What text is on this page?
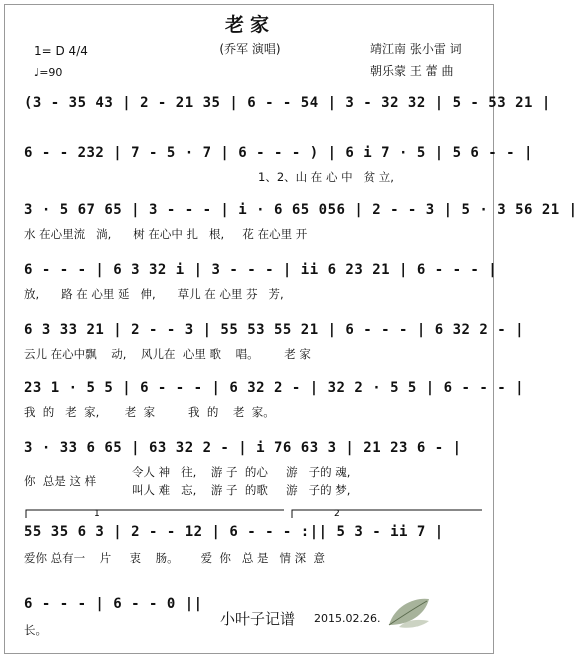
老家
(乔军 演唱)	靖江南 张小雷 词
朝乐蒙 王 蕾 曲
1= D 4/4
♩=90
(3 - 35 43 | 2 - 21 35 | 6 - - 54 | 3 - 32 32 | 5 - 53 21 |
6 - - 232 | 7 - 5 · 7 | 6 - - - ) | 6 i 7 · 5 | 5 6 - - |
1、2、山 在 心 中   贫 立,
3 · 5 67 65 | 3 - - - | i · 6 65 056 | 2 - - 3 | 5 · 3 56 21 |
水 在心里流   淌,      树 在心中 扎   根,     花 在心里 开
6 - - - | 6 3 32 i | 3 - - - | ii 6 23 21 | 6 - - - |
放,      路 在 心里 延   伸,      草儿 在 心里 芬   芳,
6 3 33 21 | 2 - - 3 | 55 53 55 21 | 6 - - - | 6 32 2 - |
云儿 在心中飘    动,    风儿在  心里 歌    唱。       老 家
23 1 · 5 5 | 6 - - - | 6 32 2 - | 32 2 · 5 5 | 6 - - - |
我  的   老  家,       老  家         我  的    老  家。
3 · 33 6 65 | 63 32 2 - | i 76 63 3 | 21 23 6 - |
你  总是 这 样
令人 神   往,    游 子  的心     游   子的 魂,
叫人 难   忘,    游 子  的歌     游   子的 梦,
1	2
55 35 6 3 | 2 - - 12 | 6 - - - :|| 5 3 - ii 7 |
爱你 总有一    片     衷    肠。      爱  你   总 是   情 深  意
6 - - - | 6 - - 0 ||
长。
小叶子记谱 2015.02.26.
